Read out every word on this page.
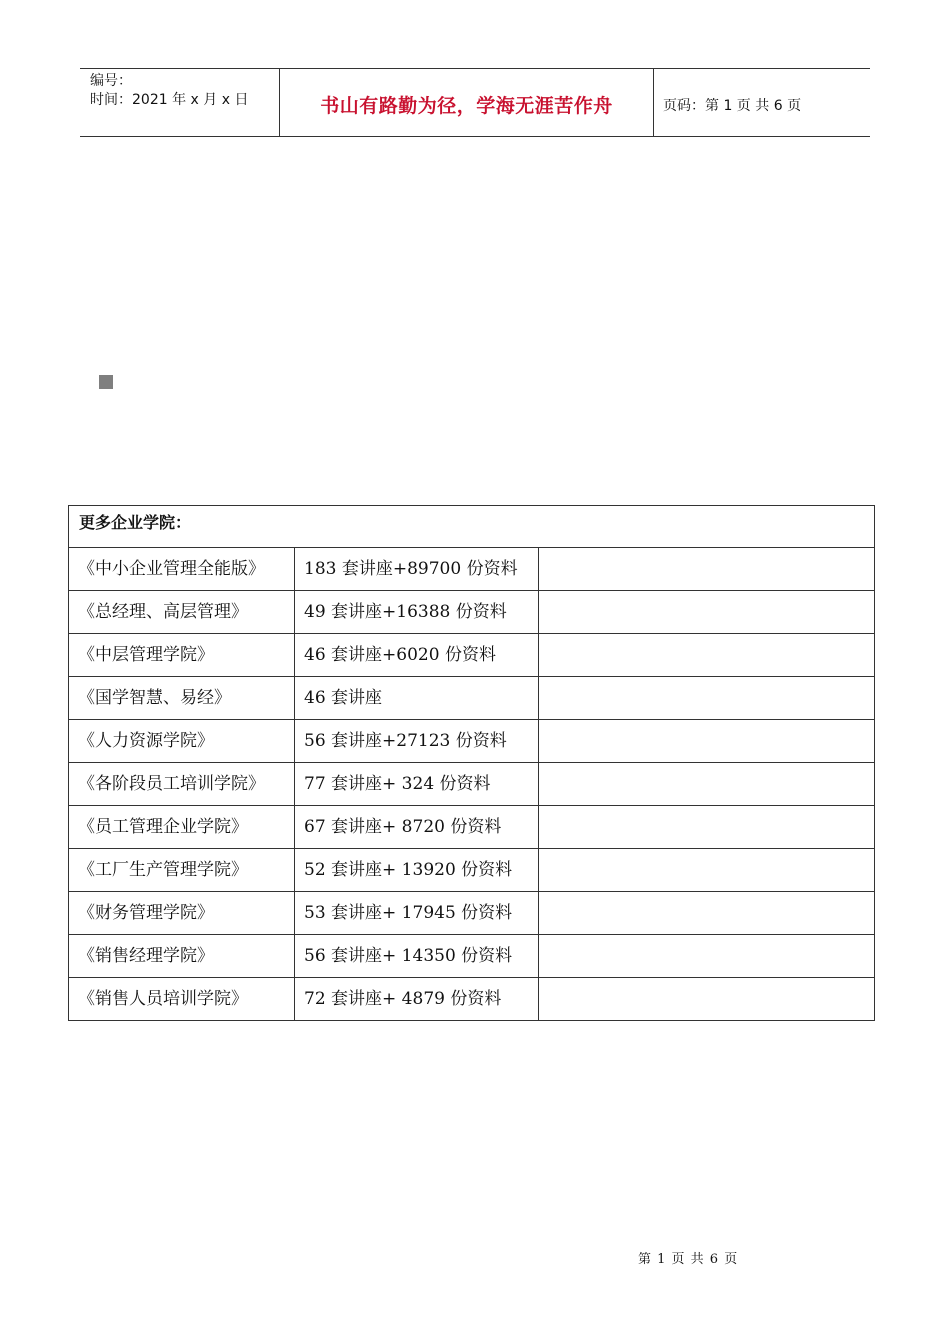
编号：
时间：2021 年 x 月 x 日	书山有路勤为径，学海无涯苦作舟	页码：第 1 页 共 6 页
更多企业学院：		
《中小企业管理全能版》	183 套讲座+89700 份资料	
《总经理、高层管理》	49 套讲座+16388 份资料	
《中层管理学院》	46 套讲座+6020 份资料	
《国学智慧、易经》	46 套讲座	
《人力资源学院》	56 套讲座+27123 份资料	
《各阶段员工培训学院》	77 套讲座+ 324 份资料	
《员工管理企业学院》	67 套讲座+ 8720 份资料	
《工厂生产管理学院》	52 套讲座+ 13920 份资料	
《财务管理学院》	53 套讲座+ 17945 份资料	
《销售经理学院》	56 套讲座+ 14350 份资料	
《销售人员培训学院》	72 套讲座+ 4879 份资料	
第 1 页 共 6 页
